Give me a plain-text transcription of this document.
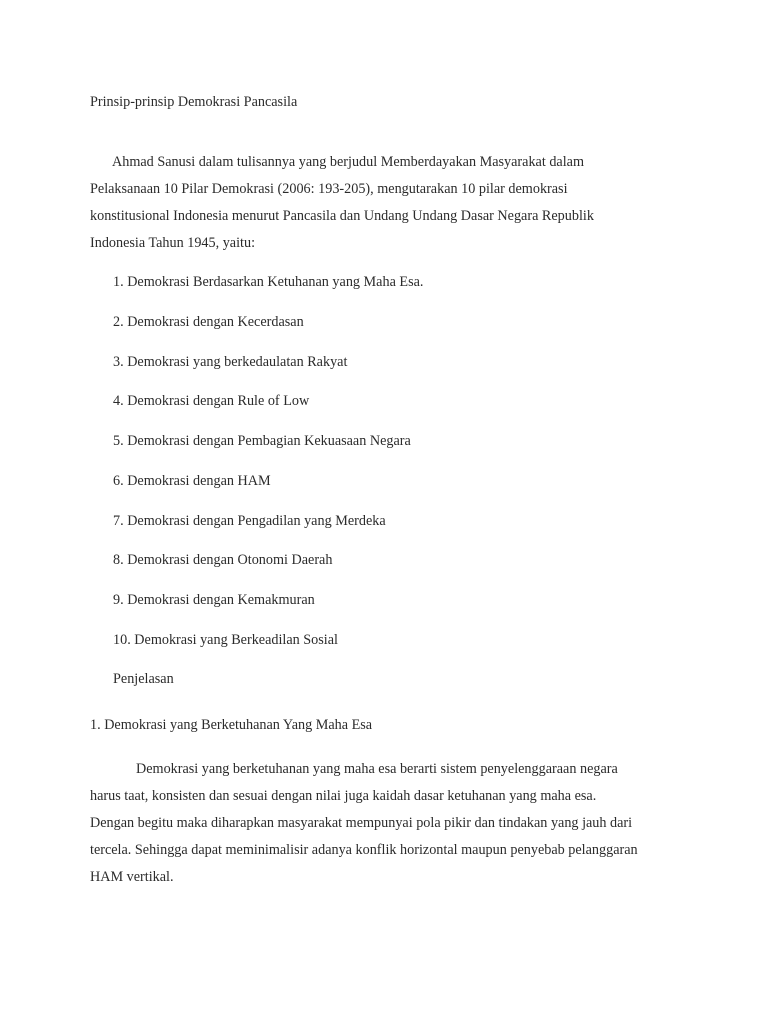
Prinsip-prinsip Demokrasi Pancasila
Ahmad Sanusi dalam tulisannya yang berjudul Memberdayakan Masyarakat dalam
Pelaksanaan 10 Pilar Demokrasi (2006: 193-205), mengutarakan 10 pilar demokrasi
konstitusional Indonesia menurut Pancasila dan Undang Undang Dasar Negara Republik
Indonesia Tahun 1945, yaitu:
1. Demokrasi Berdasarkan Ketuhanan yang Maha Esa.
2. Demokrasi dengan Kecerdasan
3. Demokrasi yang berkedaulatan Rakyat
4. Demokrasi dengan Rule of Low
5. Demokrasi dengan Pembagian Kekuasaan Negara
6. Demokrasi dengan HAM
7. Demokrasi dengan Pengadilan yang Merdeka
8. Demokrasi dengan Otonomi Daerah
9. Demokrasi dengan Kemakmuran
10. Demokrasi yang Berkeadilan Sosial
Penjelasan
1. Demokrasi yang Berketuhanan Yang Maha Esa
Demokrasi yang berketuhanan yang maha esa berarti sistem penyelenggaraan negara
harus taat, konsisten dan sesuai dengan nilai juga kaidah dasar ketuhanan yang maha esa.
Dengan begitu maka diharapkan masyarakat mempunyai pola pikir dan tindakan yang jauh dari
tercela. Sehingga dapat meminimalisir adanya konflik horizontal maupun penyebab pelanggaran
HAM vertikal.
